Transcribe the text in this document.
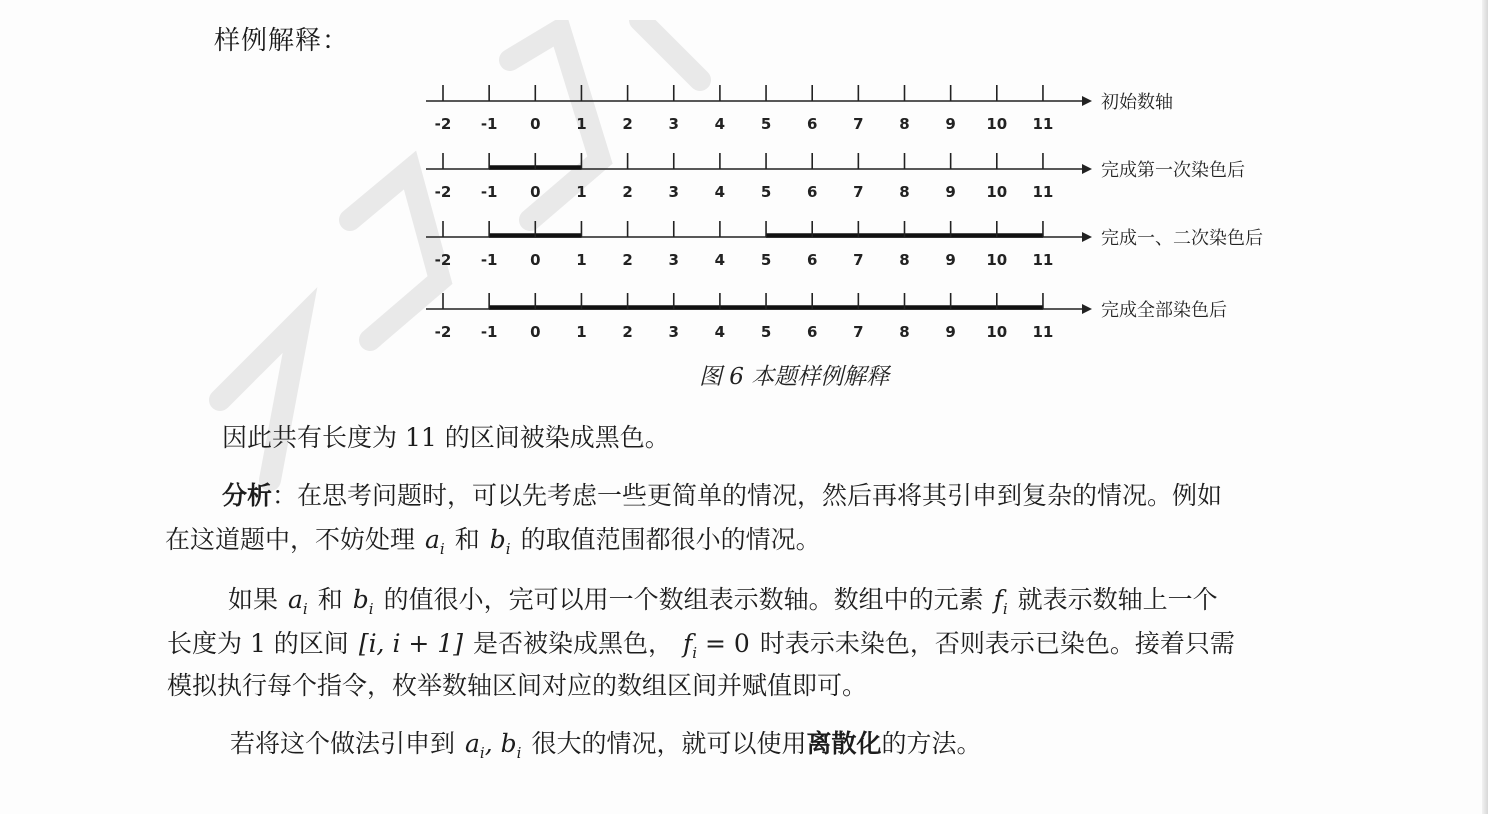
样例解释：
-2 -1 0 1 2 3 4 5 6 7 8 9 10 11
初始数轴
-2 -1 0 1 2 3 4 5 6 7 8 9 10 11
完成第一次染色后
-2 -1 0 1 2 3 4 5 6 7 8 9 10 11
完成一、二次染色后
-2 -1 0 1 2 3 4 5 6 7 8 9 10 11
完成全部染色后
图 6 本题样例解释
因此共有长度为 11 的区间被染成黑色。
分析：在思考问题时，可以先考虑一些更简单的情况，然后再将其引申到复杂的情况。例如
在这道题中，不妨处理 $a_i$ 和 $b_i$ 的取值范围都很小的情况。
如果 $a_i$ 和 $b_i$ 的值很小，完可以用一个数组表示数轴。数组中的元素 $f_i$ 就表示数轴上一个
长度为 1 的区间 [i, i + 1] 是否被染成黑色， $f_i = 0$ 时表示未染色，否则表示已染色。接着只需
模拟执行每个指令，枚举数轴区间对应的数组区间并赋值即可。
若将这个做法引申到 $a_i$, $b_i$ 很大的情况，就可以使用离散化的方法。
